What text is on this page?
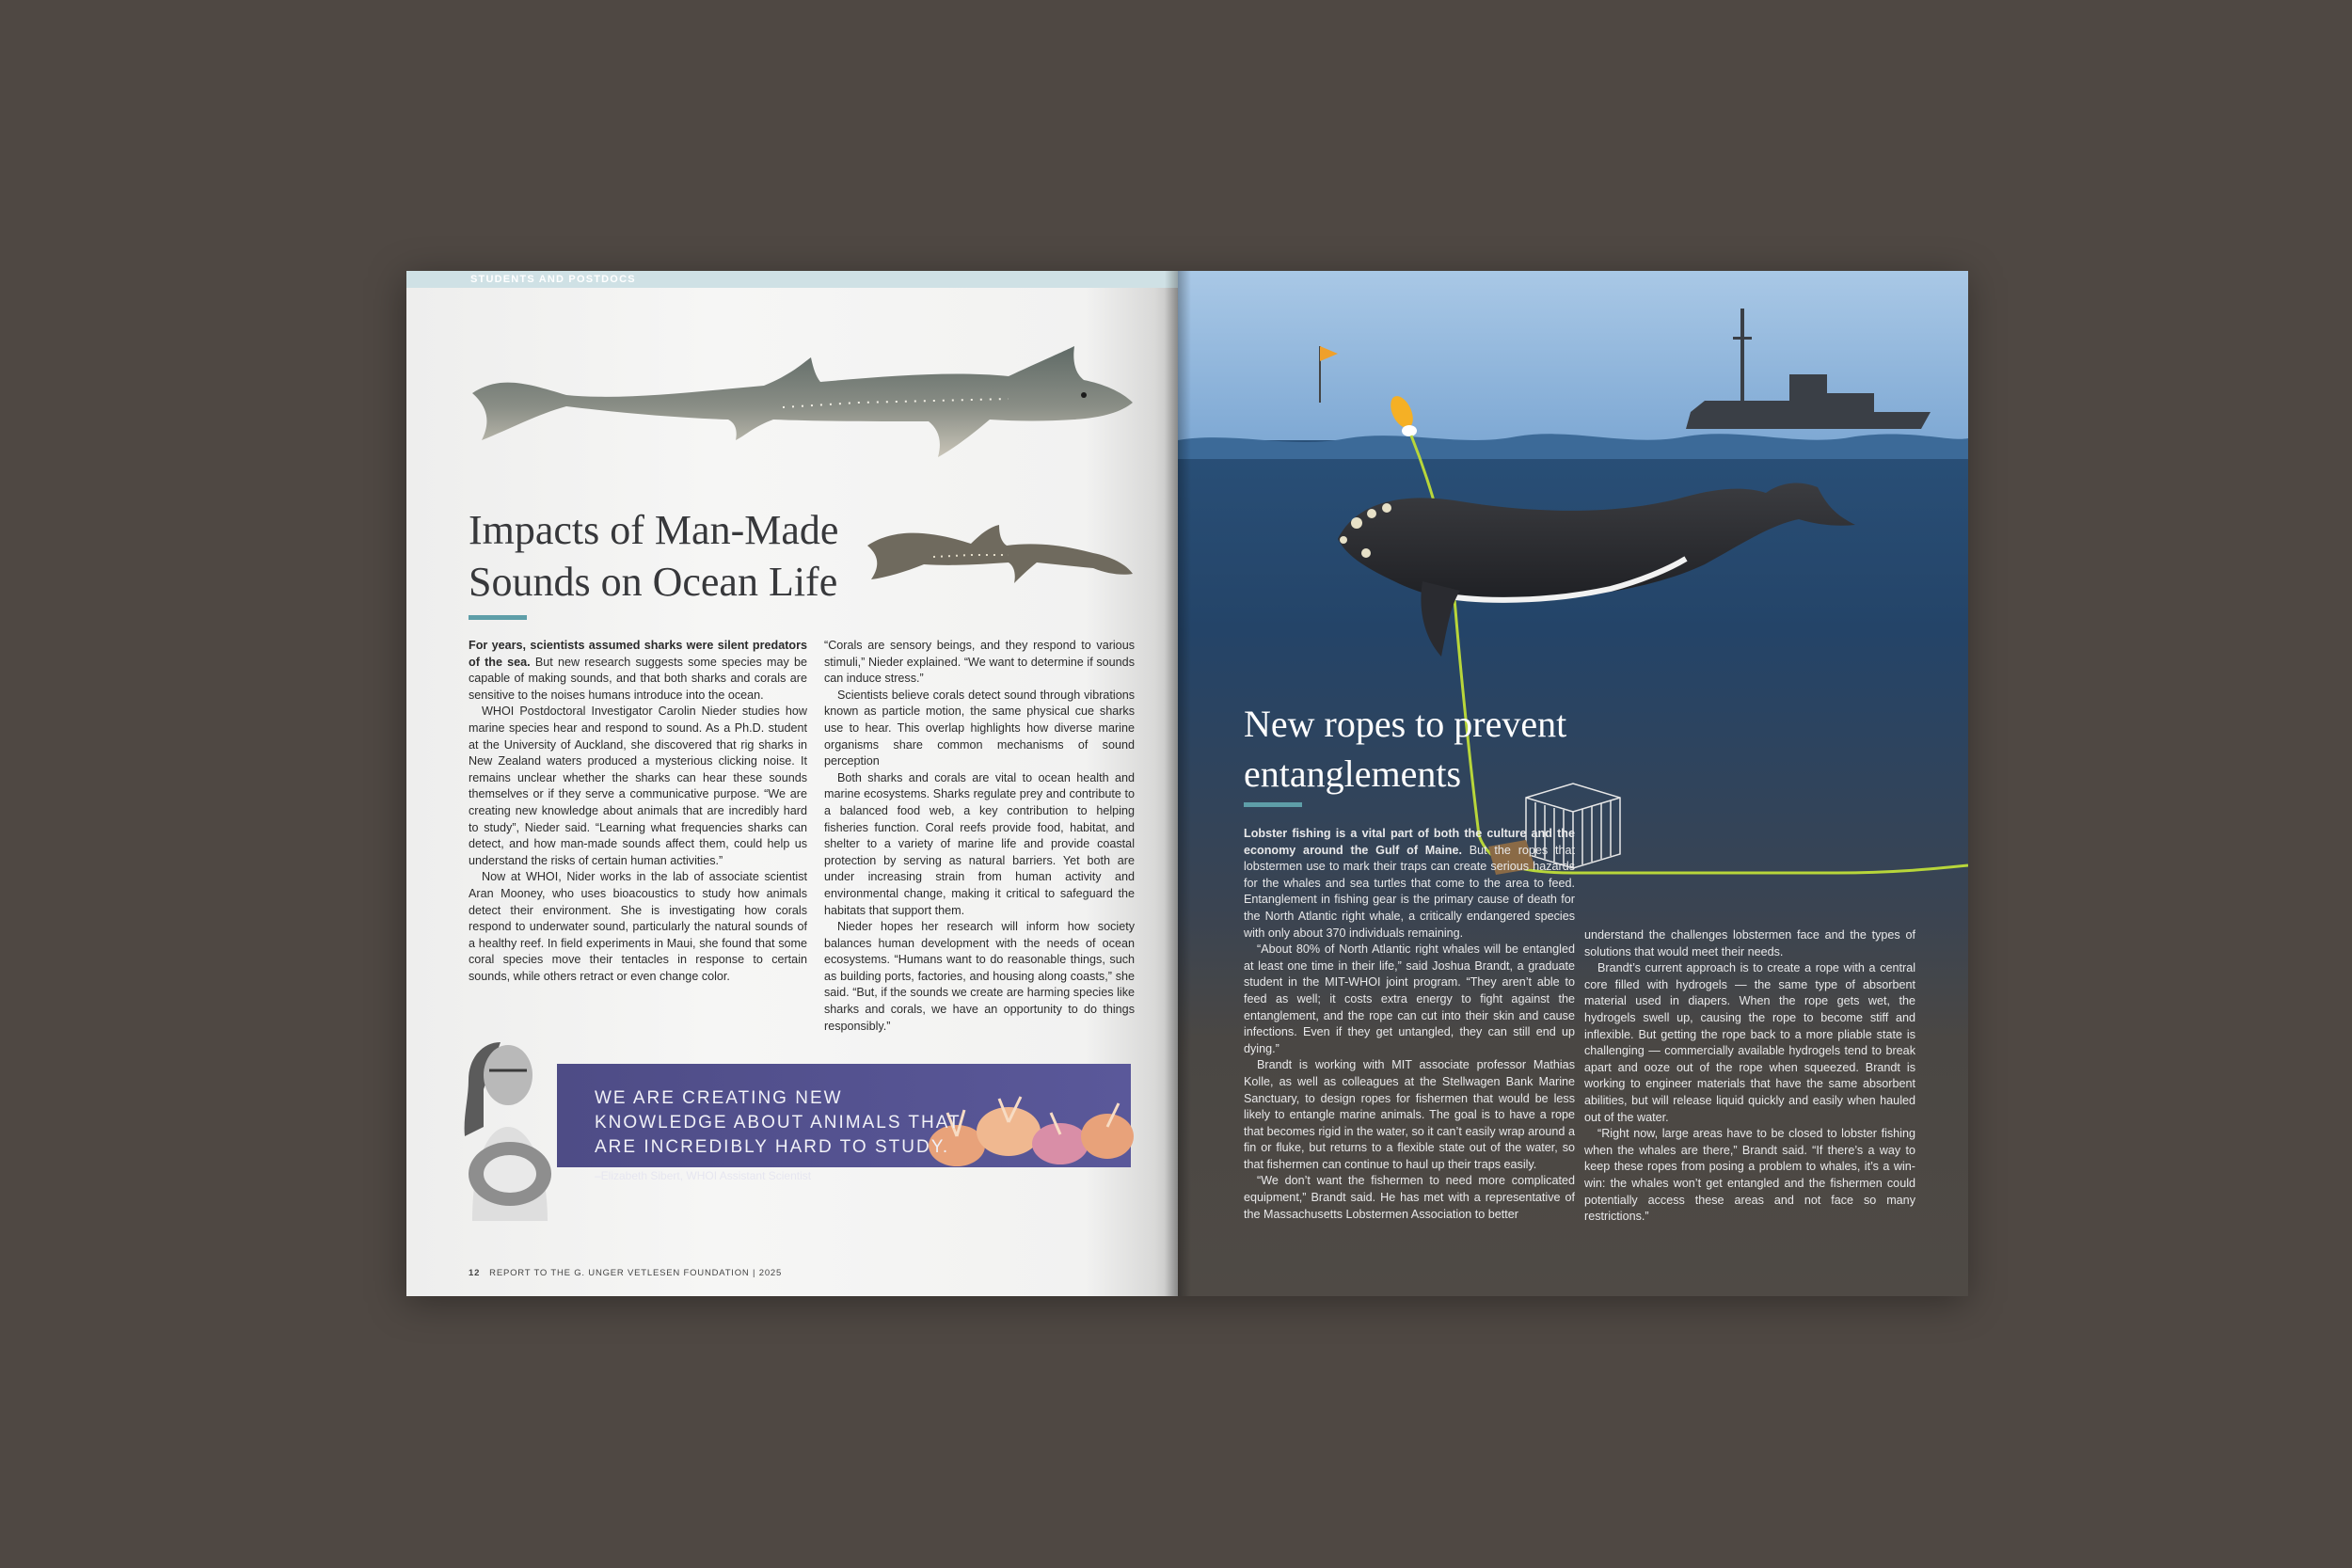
STUDENTS AND POSTDOCS
Impacts of Man-Made Sounds on Ocean Life

For years, scientists assumed sharks were silent predators of the sea. But new research suggests some species may be capable of making sounds, and that both sharks and corals are sensitive to the noises humans introduce into the ocean.

WHOI Postdoctoral Investigator Carolin Nieder studies how marine species hear and respond to sound. As a Ph.D. student at the University of Auckland, she discovered that rig sharks in New Zealand waters produced a mysterious clicking noise. It remains unclear whether the sharks can hear these sounds themselves or if they serve a communicative purpose. “We are creating new knowledge about animals that are incredibly hard to study”, Nieder said. “Learning what frequencies sharks can detect, and how man-made sounds affect them, could help us understand the risks of certain human activities.”

Now at WHOI, Nider works in the lab of associate scientist Aran Mooney, who uses bioacoustics to study how animals detect their environment. She is investigating how corals respond to underwater sound, particularly the natural sounds of a healthy reef. In field experiments in Maui, she found that some coral species move their tentacles in response to certain sounds, while others retract or even change color.

“Corals are sensory beings, and they respond to various stimuli,” Nieder explained. “We want to determine if sounds can induce stress.”

Scientists believe corals detect sound through vibrations known as particle motion, the same physical cue sharks use to hear. This overlap highlights how diverse marine organisms share common mechanisms of sound perception

Both sharks and corals are vital to ocean health and marine ecosystems. Sharks regulate prey and contribute to a balanced food web, a key contribution to helping fisheries function. Coral reefs provide food, habitat, and shelter to a variety of marine life and provide coastal protection by serving as natural barriers. Yet both are under increasing strain from human activity and environmental change, making it critical to safeguard the habitats that support them.

Nieder hopes her research will inform how society balances human development with the needs of ocean ecosystems. “Humans want to do reasonable things, such as building ports, factories, and housing along coasts,” she said. “But, if the sounds we create are harming species like sharks and corals, we have an opportunity to do things responsibly.”

WE ARE CREATING NEW KNOWLEDGE ABOUT ANIMALS THAT ARE INCREDIBLY HARD TO STUDY.
–Elizabeth Sibert, WHOI Assistant Scientist
12 REPORT TO THE G. UNGER VETLESEN FOUNDATION | 2025
New ropes to prevent entanglements

Lobster fishing is a vital part of both the culture and the economy around the Gulf of Maine. But the ropes that lobstermen use to mark their traps can create serious hazards for the whales and sea turtles that come to the area to feed. Entanglement in fishing gear is the primary cause of death for the North Atlantic right whale, a critically endangered species with only about 370 individuals remaining.

“About 80% of North Atlantic right whales will be entangled at least one time in their life,” said Joshua Brandt, a graduate student in the MIT-WHOI joint program. “They aren’t able to feed as well; it costs extra energy to fight against the entanglement, and the rope can cut into their skin and cause infections. Even if they get untangled, they can still end up dying.”

Brandt is working with MIT associate professor Mathias Kolle, as well as colleagues at the Stellwagen Bank Marine Sanctuary, to design ropes for fishermen that would be less likely to entangle marine animals. The goal is to have a rope that becomes rigid in the water, so it can’t easily wrap around a fin or fluke, but returns to a flexible state out of the water, so that fishermen can continue to haul up their traps easily.

“We don’t want the fishermen to need more complicated equipment,” Brandt said. He has met with a representative of the Massachusetts Lobstermen Association to better

understand the challenges lobstermen face and the types of solutions that would meet their needs.

Brandt’s current approach is to create a rope with a central core filled with hydrogels — the same type of absorbent material used in diapers. When the rope gets wet, the hydrogels swell up, causing the rope to become stiff and inflexible. But getting the rope back to a more pliable state is challenging — commercially available hydrogels tend to break apart and ooze out of the rope when squeezed. Brandt is working to engineer materials that have the same absorbent abilities, but will release liquid quickly and easily when hauled out of the water.

“Right now, large areas have to be closed to lobster fishing when the whales are there,” Brandt said. “If there’s a way to keep these ropes from posing a problem to whales, it’s a win-win: the whales won’t get entangled and the fishermen could potentially access these areas and not face so many restrictions.”
